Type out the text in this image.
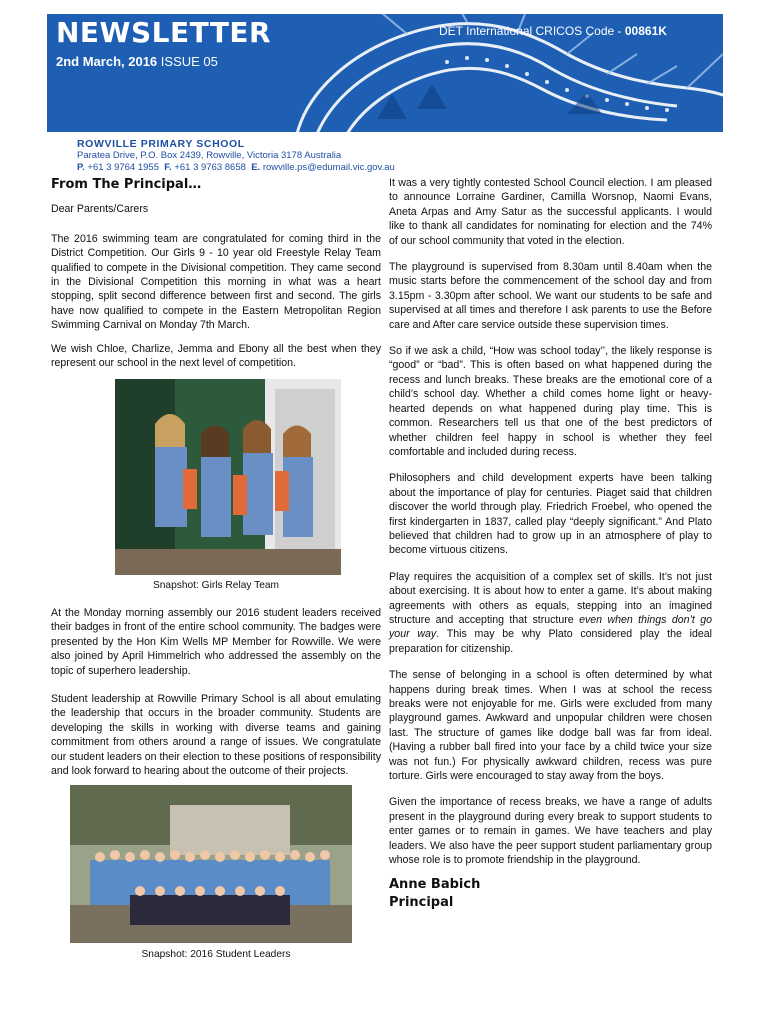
NEWSLETTER
2nd March, 2016 ISSUE 05
DET International CRICOS Code - 00861K
ROWVILLE PRIMARY SCHOOL
Paratea Drive, P.O. Box 2439, Rowville, Victoria 3178 Australia
P. +61 3 9764 1955 F. +61 3 9763 8658 E. rowville.ps@edumail.vic.gov.au
From The Principal…

Dear Parents/Carers

The 2016 swimming team are congratulated for coming third in the District Competition. Our Girls 9 - 10 year old Freestyle Relay Team qualified to compete in the Divisional competition. They came second in the Divisional Competition this morning in what was a heart stopping, split second difference between first and second. The girls have now qualified to compete in the Eastern Metropolitan Region Swimming Carnival on Monday 7th March.

We wish Chloe, Charlize, Jemma and Ebony all the best when they represent our school in the next level of competition.

Snapshot: Girls Relay Team

At the Monday morning assembly our 2016 student leaders received their badges in front of the entire school community. The badges were presented by the Hon Kim Wells MP Member for Rowville. We were also joined by April Himmelrich who addressed the assembly on the topic of superhero leadership.

Student leadership at Rowville Primary School is all about emulating the leadership that occurs in the broader community. Students are developing the skills in working with diverse teams and gaining commitment from others around a range of issues. We congratulate our student leaders on their election to these positions of responsibility and look forward to hearing about the outcome of their projects.

Snapshot: 2016 Student Leaders

It was a very tightly contested School Council election. I am pleased to announce Lorraine Gardiner, Camilla Worsnop, Naomi Evans, Aneta Arpas and Amy Satur as the successful applicants. I would like to thank all candidates for nominating for election and the 74% of our school community that voted in the election.

The playground is supervised from 8.30am until 8.40am when the music starts before the commencement of the school day and from 3.15pm - 3.30pm after school. We want our students to be safe and supervised at all times and therefore I ask parents to use the Before care and After care service outside these supervision times.

So if we ask a child, “How was school today’’, the likely response is “good” or “bad”. This is often based on what happened during the recess and lunch breaks. These breaks are the emotional core of a child’s school day. Whether a child comes home light or heavy-hearted depends on what happened during play time. This is common. Researchers tell us that one of the best predictors of whether children feel happy in school is whether they feel comfortable and included during recess.

Philosophers and child development experts have been talking about the importance of play for centuries. Piaget said that children discover the world through play. Friedrich Froebel, who opened the first kindergarten in 1837, called play “deeply significant.” And Plato believed that children had to grow up in an atmosphere of play to become virtuous citizens.

Play requires the acquisition of a complex set of skills. It’s not just about exercising. It is about how to enter a game. It’s about making agreements with others as equals, stepping into an imagined structure and accepting that structure even when things don’t go your way. This may be why Plato considered play the ideal preparation for citizenship.

The sense of belonging in a school is often determined by what happens during break times. When I was at school the recess breaks were not enjoyable for me. Girls were excluded from many playground games. Awkward and unpopular children were chosen last. The structure of games like dodge ball was far from ideal. (Having a rubber ball fired into your face by a child twice your size was not fun.) For physically awkward children, recess was pure torture. Girls were encouraged to stay away from the boys.

Given the importance of recess breaks, we have a range of adults present in the playground during every break to support students to enter games or to remain in games. We have teachers and play leaders. We also have the peer support student parliamentary group whose role is to promote friendship in the playground.

Anne Babich
Principal
